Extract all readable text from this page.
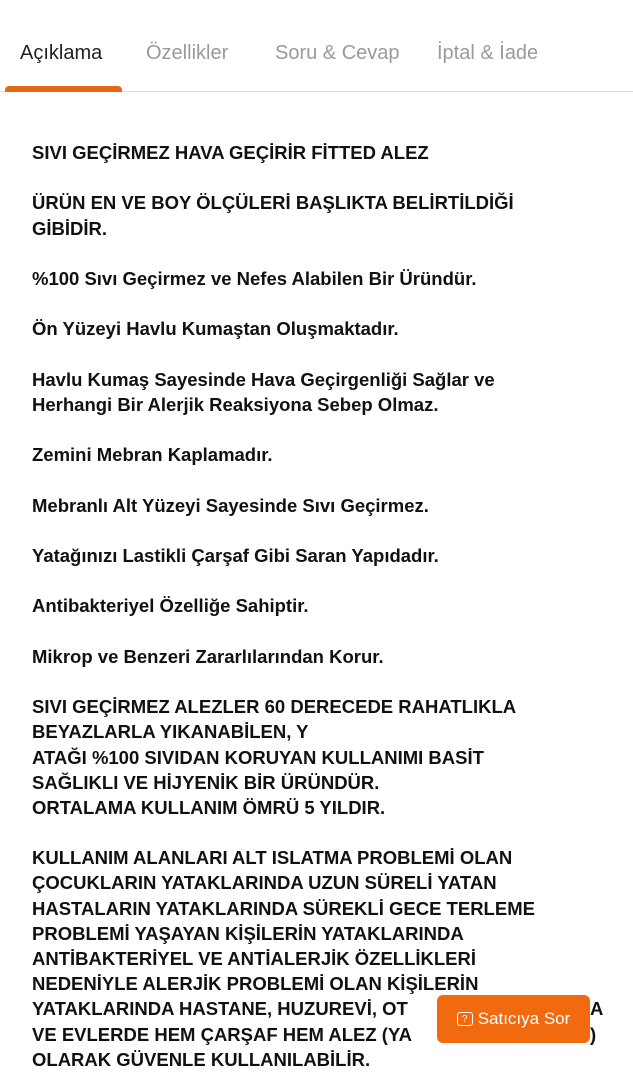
Açıklama Özellikler Soru & Cevap İptal & İade
SIVI GEÇİRMEZ HAVA GEÇİRİR FİTTED ALEZ
ÜRÜN EN VE BOY ÖLÇÜLERİ BAŞLIKTA BELİRTİLDİĞİ
GİBİDİR.
%100 Sıvı Geçirmez ve Nefes Alabilen Bir Üründür.
Ön Yüzeyi Havlu Kumaştan Oluşmaktadır.
Havlu Kumaş Sayesinde Hava Geçirgenliği Sağlar ve
Herhangi Bir Alerjik Reaksiyona Sebep Olmaz.
Zemini Mebran Kaplamadır.
Mebranlı Alt Yüzeyi Sayesinde Sıvı Geçirmez.
Yatağınızı Lastikli Çarşaf Gibi Saran Yapıdadır.
Antibakteriyel Özelliğe Sahiptir.
Mikrop ve Benzeri Zararlılarından Korur.
SIVI GEÇİRMEZ ALEZLER 60 DERECEDE RAHATLIKLA
BEYAZLARLA YIKANABİLEN, Y
ATAĞI %100 SIVIDAN KORUYAN KULLANIMI BASİT
SAĞLIKLI VE HİJYENİK BİR ÜRÜNDÜR.
ORTALAMA KULLANIM ÖMRÜ 5 YILDIR.
KULLANIM ALANLARI ALT ISLATMA PROBLEMİ OLAN
ÇOCUKLARIN YATAKLARINDA UZUN SÜRELİ YATAN
HASTALARIN YATAKLARINDA SÜREKLİ GECE TERLEME
PROBLEMİ YAŞAYAN KİŞİLERİN YATAKLARINDA
ANTİBAKTERİYEL VE ANTİALERJİK ÖZELLİKLERİ
NEDENİYLE ALERJİK PROBLEMİ OLAN KİŞİLERİN
YATAKLARINDA HASTANE, HUZUREVİ, OT	A
VE EVLERDE HEM ÇARŞAF HEM ALEZ (YA	)
OLARAK GÜVENLE KULLANILABİLİR.
? Satıcıya Sor
